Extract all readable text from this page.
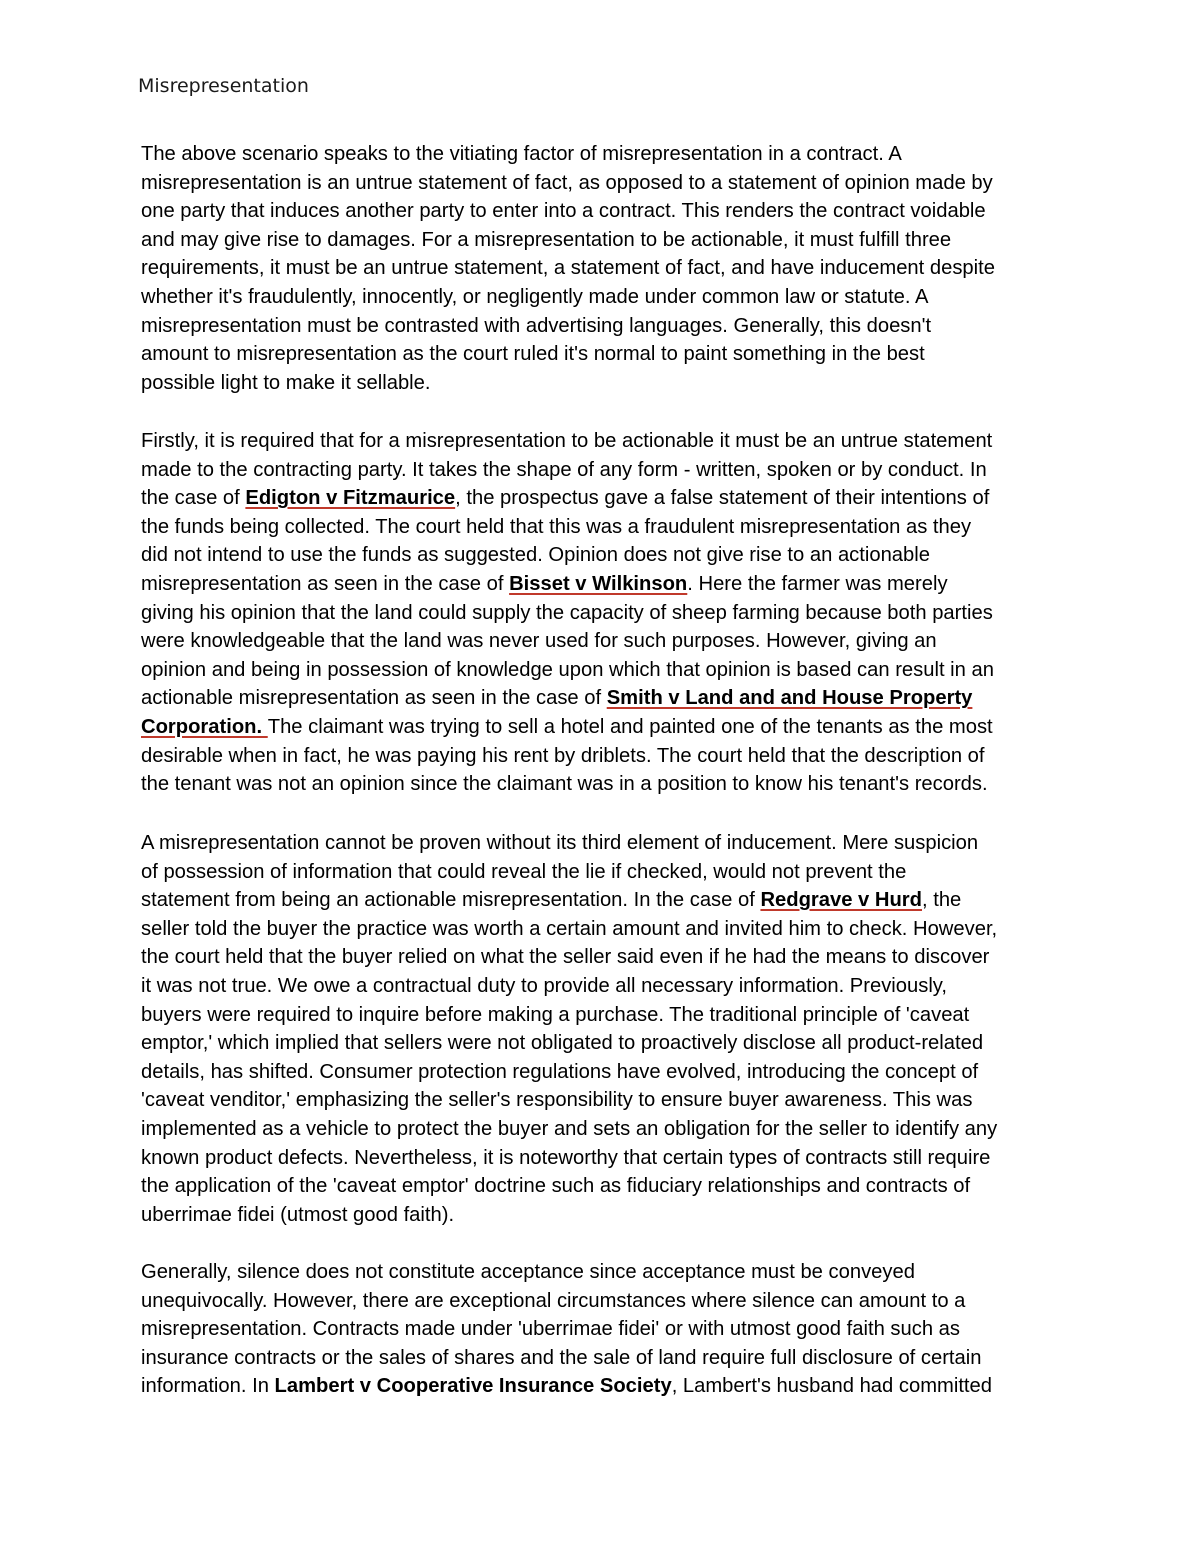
Misrepresentation

The above scenario speaks to the vitiating factor of misrepresentation in a contract. A
misrepresentation is an untrue statement of fact, as opposed to a statement of opinion made by
one party that induces another party to enter into a contract. This renders the contract voidable
and may give rise to damages. For a misrepresentation to be actionable, it must fulfill three
requirements, it must be an untrue statement, a statement of fact, and have inducement despite
whether it's fraudulently, innocently, or negligently made under common law or statute. A
misrepresentation must be contrasted with advertising languages. Generally, this doesn't
amount to misrepresentation as the court ruled it's normal to paint something in the best
possible light to make it sellable.

Firstly, it is required that for a misrepresentation to be actionable it must be an untrue statement
made to the contracting party. It takes the shape of any form - written, spoken or by conduct. In
the case of Edigton v Fitzmaurice, the prospectus gave a false statement of their intentions of
the funds being collected. The court held that this was a fraudulent misrepresentation as they
did not intend to use the funds as suggested. Opinion does not give rise to an actionable
misrepresentation as seen in the case of Bisset v Wilkinson. Here the farmer was merely
giving his opinion that the land could supply the capacity of sheep farming because both parties
were knowledgeable that the land was never used for such purposes. However, giving an
opinion and being in possession of knowledge upon which that opinion is based can result in an
actionable misrepresentation as seen in the case of Smith v Land and and House Property
Corporation. The claimant was trying to sell a hotel and painted one of the tenants as the most
desirable when in fact, he was paying his rent by driblets. The court held that the description of
the tenant was not an opinion since the claimant was in a position to know his tenant's records.

A misrepresentation cannot be proven without its third element of inducement. Mere suspicion
of possession of information that could reveal the lie if checked, would not prevent the
statement from being an actionable misrepresentation. In the case of Redgrave v Hurd, the
seller told the buyer the practice was worth a certain amount and invited him to check. However,
the court held that the buyer relied on what the seller said even if he had the means to discover
it was not true. We owe a contractual duty to provide all necessary information. Previously,
buyers were required to inquire before making a purchase. The traditional principle of 'caveat
emptor,' which implied that sellers were not obligated to proactively disclose all product-related
details, has shifted. Consumer protection regulations have evolved, introducing the concept of
'caveat venditor,' emphasizing the seller's responsibility to ensure buyer awareness. This was
implemented as a vehicle to protect the buyer and sets an obligation for the seller to identify any
known product defects. Nevertheless, it is noteworthy that certain types of contracts still require
the application of the 'caveat emptor' doctrine such as fiduciary relationships and contracts of
uberrimae fidei (utmost good faith).

Generally, silence does not constitute acceptance since acceptance must be conveyed
unequivocally. However, there are exceptional circumstances where silence can amount to a
misrepresentation. Contracts made under 'uberrimae fidei' or with utmost good faith such as
insurance contracts or the sales of shares and the sale of land require full disclosure of certain
information. In Lambert v Cooperative Insurance Society, Lambert's husband had committed
